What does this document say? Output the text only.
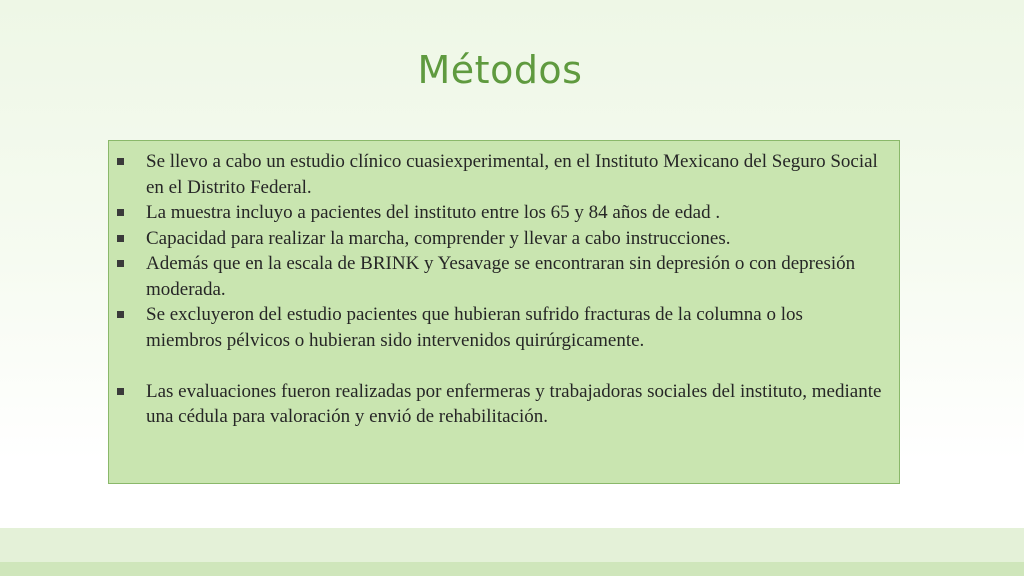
Métodos
Se llevo a cabo un estudio clínico cuasiexperimental, en el Instituto Mexicano del Seguro Social en el Distrito Federal.
La muestra incluyo a pacientes del instituto entre los 65 y 84 años de edad .
Capacidad para realizar la marcha, comprender y llevar a cabo instrucciones.
Además que en la escala de BRINK y Yesavage se encontraran sin depresión o con depresión moderada.
Se excluyeron del estudio pacientes que hubieran sufrido fracturas de la columna o los miembros pélvicos o hubieran sido intervenidos quirúrgicamente.
Las evaluaciones fueron realizadas por enfermeras y trabajadoras sociales del instituto, mediante una cédula para valoración y envió de rehabilitación.
